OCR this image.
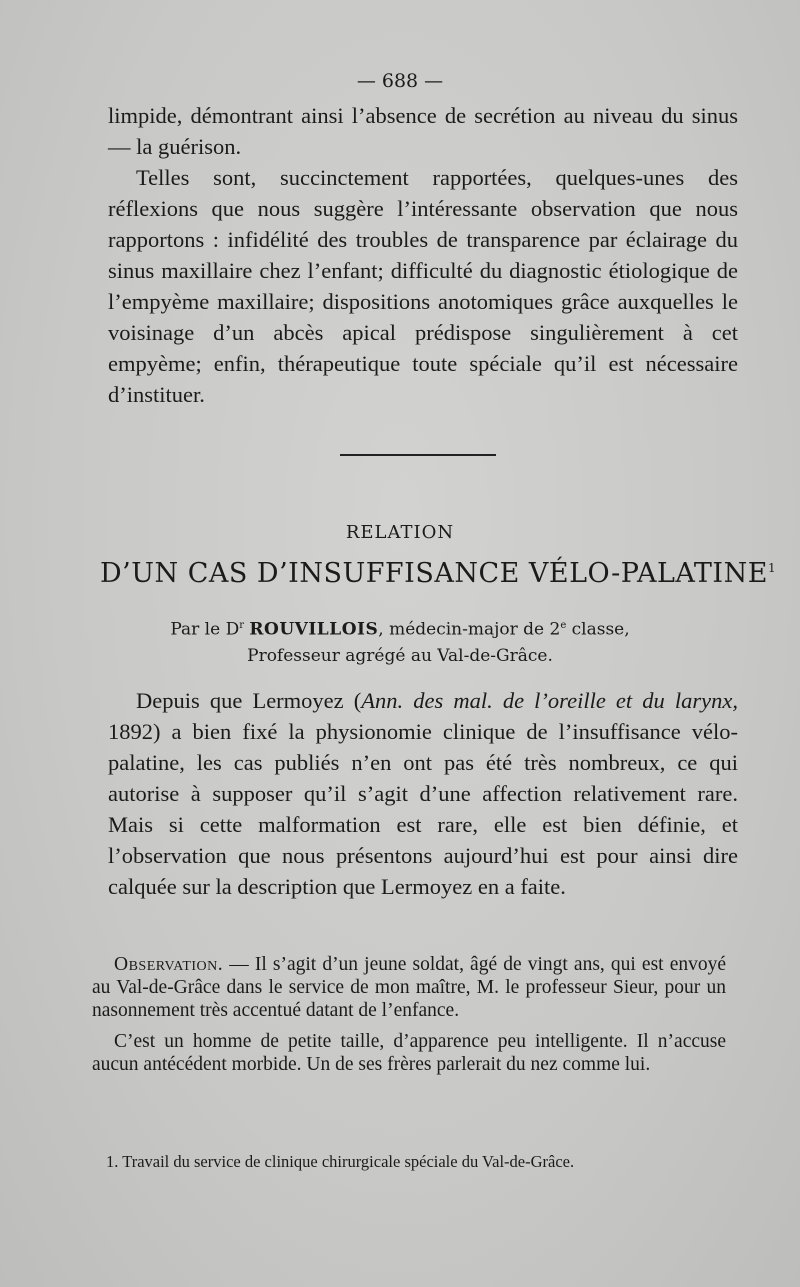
— 688 —

limpide, démontrant ainsi l’absence de secrétion au niveau du sinus — la guérison.

Telles sont, succinctement rapportées, quelques-unes des réflexions que nous suggère l’intéressante observation que nous rapportons : infidélité des troubles de transparence par éclairage du sinus maxillaire chez l’enfant; difficulté du diagnostic étiologique de l’empyème maxillaire; dispositions anotomiques grâce auxquelles le voisinage d’un abcès apical prédispose singulièrement à cet empyème; enfin, thérapeutique toute spéciale qu’il est nécessaire d’instituer.

RELATION
D’UN CAS D’INSUFFISANCE VÉLO-PALATINE$^1$
Par le $D^r$ ROUVILLOIS, médecin-major de 2e classe,
Professeur agrégé au Val-de-Grâce.

Depuis que Lermoyez (Ann. des mal. de l’oreille et du larynx, 1892) a bien fixé la physionomie clinique de l’insuffisance vélo-palatine, les cas publiés n’en ont pas été très nombreux, ce qui autorise à supposer qu’il s’agit d’une affection relativement rare. Mais si cette malformation est rare, elle est bien définie, et l’observation que nous présentons aujourd’hui est pour ainsi dire calquée sur la description que Lermoyez en a faite.

Observation. — Il s’agit d’un jeune soldat, âgé de vingt ans, qui est envoyé au Val-de-Grâce dans le service de mon maître, M. le professeur Sieur, pour un nasonnement très accentué datant de l’enfance.

C’est un homme de petite taille, d’apparence peu intelligente. Il n’accuse aucun antécédent morbide. Un de ses frères parlerait du nez comme lui.

1. Travail du service de clinique chirurgicale spéciale du Val-de-Grâce.
